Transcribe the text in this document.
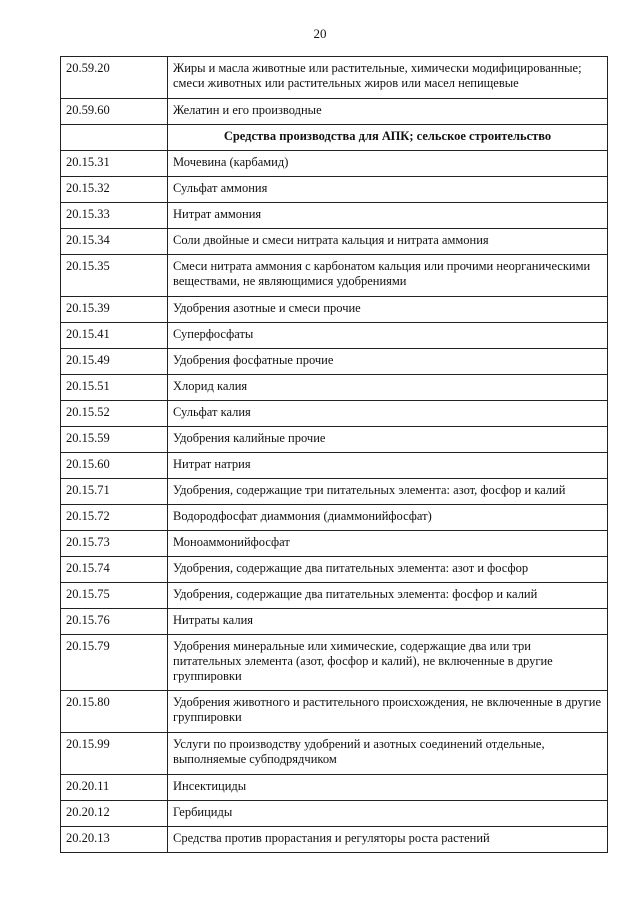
20
20.59.20	Жиры и масла животные или растительные, химически модифицированные; смеси животных или растительных жиров или масел непищевые
20.59.60	Желатин и его производные
	Средства производства для АПК; сельское строительство
20.15.31	Мочевина (карбамид)
20.15.32	Сульфат аммония
20.15.33	Нитрат аммония
20.15.34	Соли двойные и смеси нитрата кальция и нитрата аммония
20.15.35	Смеси нитрата аммония с карбонатом кальция или прочими неорганическими веществами, не являющимися удобрениями
20.15.39	Удобрения азотные и смеси прочие
20.15.41	Суперфосфаты
20.15.49	Удобрения фосфатные прочие
20.15.51	Хлорид калия
20.15.52	Сульфат калия
20.15.59	Удобрения калийные прочие
20.15.60	Нитрат натрия
20.15.71	Удобрения, содержащие три питательных элемента: азот, фосфор и калий
20.15.72	Водородфосфат диаммония (диаммонийфосфат)
20.15.73	Моноаммонийфосфат
20.15.74	Удобрения, содержащие два питательных элемента: азот и фосфор
20.15.75	Удобрения, содержащие два питательных элемента: фосфор и калий
20.15.76	Нитраты калия
20.15.79	Удобрения минеральные или химические, содержащие два или три питательных элемента (азот, фосфор и калий), не включенные в другие группировки
20.15.80	Удобрения животного и растительного происхождения, не включенные в другие группировки
20.15.99	Услуги по производству удобрений и азотных соединений отдельные, выполняемые субподрядчиком
20.20.11	Инсектициды
20.20.12	Гербициды
20.20.13	Средства против прорастания и регуляторы роста растений
